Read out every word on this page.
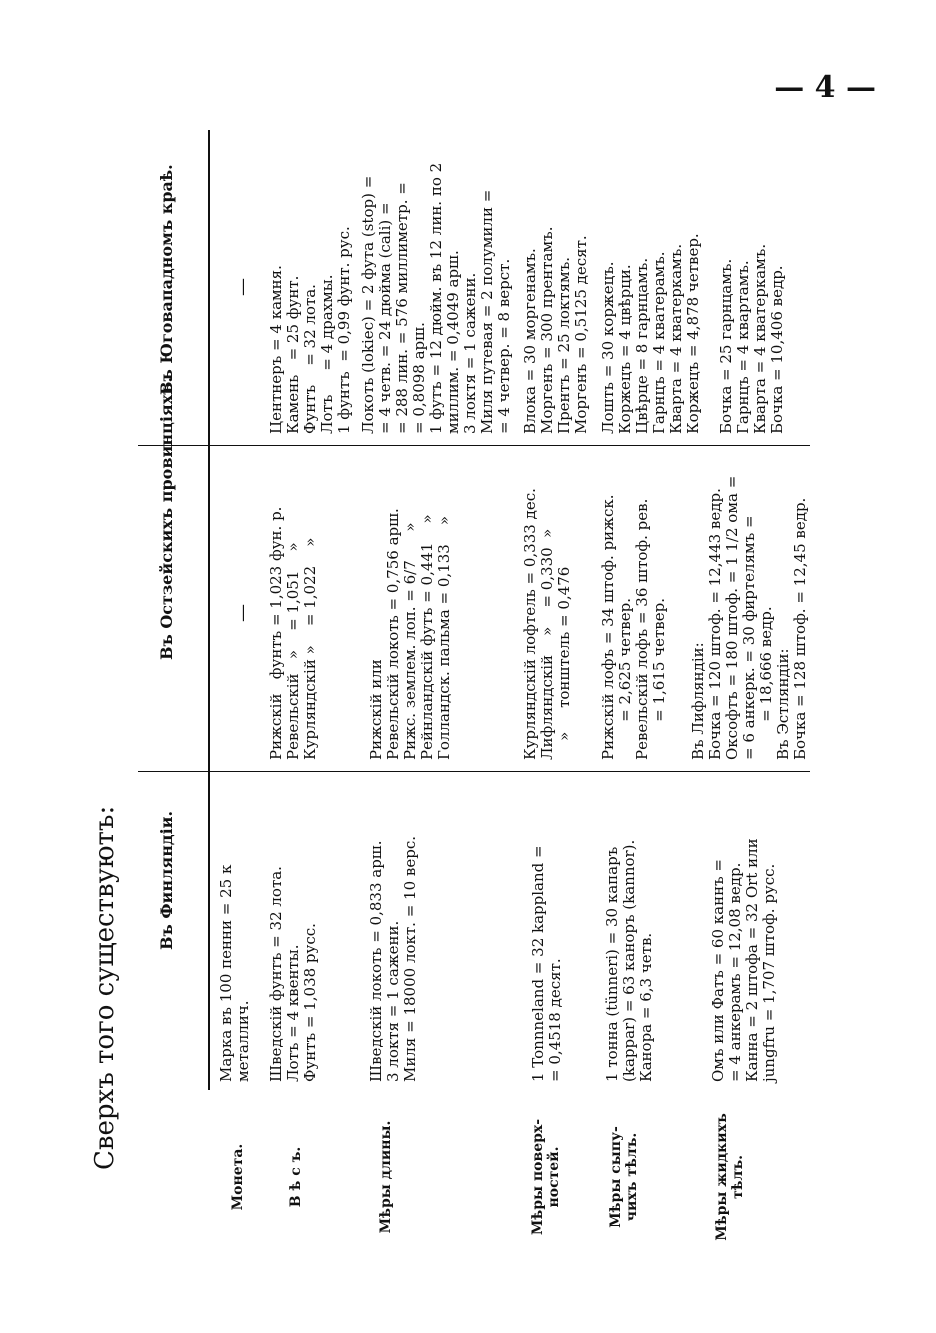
— 4 —
Сверхъ того существуютъ: Въ Финляндіи.
Въ Остзейскихъ провинціяхъ.
Въ Юговападномъ краѣ.
Монета.
Марка въ 100 пенни = 25 к
металлич.
В ѣ с ъ.
Шведскій фунтъ = 32 лота.
Лотъ = 4 квенты.
Фунтъ = 1,038 русс.
Рижскій   фунтъ = 1,023 фун. р.
Ревельскій   »    = 1,051    »
Курляндскій »    = 1,022    »
Центнеръ = 4 камня.
Камень   = 25 фунт.
Фунтъ    = 32 лота.
Лотъ     = 4 драхмы.
1 фунтъ  = 0,99 фунт. рус.
Мѣры длины.
Шведскій локоть = 0,833 арш.
3 локтя = 1 сажени.
Миля = 18000 локт. = 10 верс.
Рижскій или
Ревельскій локоть = 0,756 арш.
Рижс. землем. лоп. = 6/7      »
Рейнландскій футъ = 0,441    »
Голландск. пальма = 0,133    »
Локоть (lokiec) = 2 фута (stop) =
= 4 четв. = 24 дюйма (cali) =
= 288 лин. = 576 миллиметр. =
= 0,8098 арш.
1 футъ = 12 дюйм. въ 12 лин. по 2
миллим. = 0,4049 арш.
3 локтя = 1 сажени.
Миля путевая = 2 полумили =
= 4 четвер. = 8 верст.
Мѣры поверх-
ностей.
1 Tonnneland = 32 kappland =
= 0,4518 десят.
Курляндскій лофтель = 0,333 дес.
Лифляндскій    »    = 0,330  »
»     тонштель = 0,476
Влока = 30 моргенамъ.
Моргенъ = 300 прентамъ.
Прентъ = 25 локтямъ.
Моргенъ = 0,5125 десят.
Мѣры сыпу-
чихъ тѣлъ.
1 тонна (tünneri) = 30 капаръ
(kappar) = 63 каноръ (kannor).
Канора = 6,3 четв.
Рижскій лофъ = 34 штоф. рижск.
= 2,625 четвер.
Ревельскій лофъ = 36 штоф. рев.
= 1,615 четвер.
Лошть = 30 коржецъ.
Коржецъ = 4 цвѣрци.
Цвѣрце = 8 гарнцамъ.
Гарнцъ = 4 кватерамъ.
Кварта = 4 кватеркамъ.
Коржецъ = 4,878 четвер.
Мѣры жидкихъ
тѣлъ.
Омъ или Фатъ = 60 каннъ =
= 4 анкерамъ = 12,08 ведр.
Канна = 2 штофа = 32 Ort или
jungfru = 1,707 штоф. русс.
Въ Лифляндіи:
Бочка = 120 штоф. = 12,443 ведр.
Оксофтъ = 180 штоф. = 1 1/2 ома =
= 6 анкерк. = 30 фиртелямъ =
= 18,666 ведр.
Въ Эстляндіи:
Бочка = 128 штоф. = 12,45 ведр.
Бочка = 25 гарнцамъ.
Гарнцъ = 4 квартамъ.
Кварта = 4 кватеркамъ.
Бочка = 10,406 ведр.
—
—
